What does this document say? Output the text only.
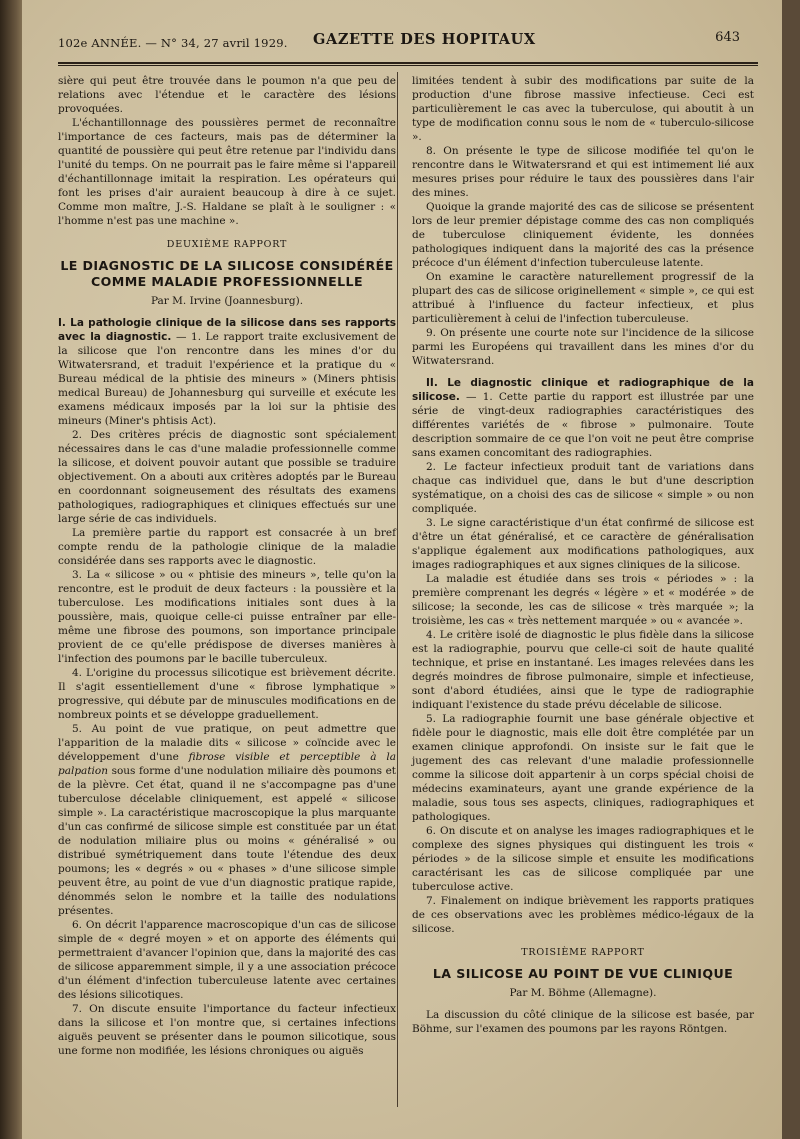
102e ANNÉE. — N° 34, 27 avril 1929. GAZETTE DES HOPITAUX	643

sière qui peut être trouvée dans le poumon n'a que peu de relations avec l'étendue et le caractère des lésions provoquées.

L'échantillonnage des poussières permet de reconnaître l'importance de ces facteurs, mais pas de déterminer la quantité de poussière qui peut être retenue par l'individu dans l'unité du temps. On ne pourrait pas le faire même si l'appareil d'échantillonnage imitait la respiration. Les opérateurs qui font les prises d'air auraient beaucoup à dire à ce sujet. Comme mon maître, J.-S. Haldane se plaît à le souligner : « l'homme n'est pas une machine ».

DEUXIÈME RAPPORT

LE DIAGNOSTIC DE LA SILICOSE CONSIDÉRÉE COMME MALADIE PROFESSIONNELLE

Par M. Irvine (Joannesburg).

I. La pathologie clinique de la silicose dans ses rapports avec la diagnostic. — 1. Le rapport traite exclusivement de la silicose que l'on rencontre dans les mines d'or du Witwatersrand, et traduit l'expérience et la pratique du « Bureau médical de la phtisie des mineurs » (Miners phtisis medical Bureau) de Johannesburg qui surveille et exécute les examens médicaux imposés par la loi sur la phtisie des mineurs (Miner's phtisis Act).

2. Des critères précis de diagnostic sont spécialement nécessaires dans le cas d'une maladie professionnelle comme la silicose, et doivent pouvoir autant que possible se traduire objectivement. On a abouti aux critères adoptés par le Bureau en coordonnant soigneusement des résultats des examens pathologiques, radiographiques et cliniques effectués sur une large série de cas individuels.

La première partie du rapport est consacrée à un bref compte rendu de la pathologie clinique de la maladie considérée dans ses rapports avec le diagnostic.

3. La « silicose » ou « phtisie des mineurs », telle qu'on la rencontre, est le produit de deux facteurs : la poussière et la tuberculose. Les modifications initiales sont dues à la poussière, mais, quoique celle-ci puisse entraîner par elle-même une fibrose des poumons, son importance principale provient de ce qu'elle prédispose de diverses manières à l'infection des poumons par le bacille tuberculeux.

4. L'origine du processus silicotique est brièvement décrite. Il s'agit essentiellement d'une « fibrose lymphatique » progressive, qui débute par de minuscules modifications en de nombreux points et se développe graduellement.

5. Au point de vue pratique, on peut admettre que l'apparition de la maladie dits « silicose » coïncide avec le développement d'une fibrose visible et perceptible à la palpation sous forme d'une nodulation miliaire dès poumons et de la plèvre. Cet état, quand il ne s'accompagne pas d'une tuberculose décelable cliniquement, est appelé « silicose simple ». La caractéristique macroscopique la plus marquante d'un cas confirmé de silicose simple est constituée par un état de nodulation miliaire plus ou moins « généralisé » ou distribué symétriquement dans toute l'étendue des deux poumons; les « degrés » ou « phases » d'une silicose simple peuvent être, au point de vue d'un diagnostic pratique rapide, dénommés selon le nombre et la taille des nodulations présentes.

6. On décrit l'apparence macroscopique d'un cas de silicose simple de « degré moyen » et on apporte des éléments qui permettraient d'avancer l'opinion que, dans la majorité des cas de silicose apparemment simple, il y a une association précoce d'un élément d'infection tuberculeuse latente avec certaines des lésions silicotiques.

7. On discute ensuite l'importance du facteur infectieux dans la silicose et l'on montre que, si certaines infections aiguës peuvent se présenter dans le poumon silicotique, sous une forme non modifiée, les lésions chroniques ou aiguës

limitées tendent à subir des modifications par suite de la production d'une fibrose massive infectieuse. Ceci est particulièrement le cas avec la tuberculose, qui aboutit à un type de modification connu sous le nom de « tuberculo-silicose ».

8. On présente le type de silicose modifiée tel qu'on le rencontre dans le Witwatersrand et qui est intimement lié aux mesures prises pour réduire le taux des poussières dans l'air des mines.

Quoique la grande majorité des cas de silicose se présentent lors de leur premier dépistage comme des cas non compliqués de tuberculose cliniquement évidente, les données pathologiques indiquent dans la majorité des cas la présence précoce d'un élément d'infection tuberculeuse latente.

On examine le caractère naturellement progressif de la plupart des cas de silicose originellement « simple », ce qui est attribué à l'influence du facteur infectieux, et plus particulièrement à celui de l'infection tuberculeuse.

9. On présente une courte note sur l'incidence de la silicose parmi les Européens qui travaillent dans les mines d'or du Witwatersrand.

II. Le diagnostic clinique et radiographique de la silicose. — 1. Cette partie du rapport est illustrée par une série de vingt-deux radiographies caractéristiques des différentes variétés de « fibrose » pulmonaire. Toute description sommaire de ce que l'on voit ne peut être comprise sans examen concomitant des radiographies.

2. Le facteur infectieux produit tant de variations dans chaque cas individuel que, dans le but d'une description systématique, on a choisi des cas de silicose « simple » ou non compliquée.

3. Le signe caractéristique d'un état confirmé de silicose est d'être un état généralisé, et ce caractère de généralisation s'applique également aux modifications pathologiques, aux images radiographiques et aux signes cliniques de la silicose.

La maladie est étudiée dans ses trois « périodes » : la première comprenant les degrés « légère » et « modérée » de silicose; la seconde, les cas de silicose « très marquée »; la troisième, les cas « très nettement marquée » ou « avancée ».

4. Le critère isolé de diagnostic le plus fidèle dans la silicose est la radiographie, pourvu que celle-ci soit de haute qualité technique, et prise en instantané. Les images relevées dans les degrés moindres de fibrose pulmonaire, simple et infectieuse, sont d'abord étudiées, ainsi que le type de radiographie indiquant l'existence du stade prévu décelable de silicose.

5. La radiographie fournit une base générale objective et fidèle pour le diagnostic, mais elle doit être complétée par un examen clinique approfondi. On insiste sur le fait que le jugement des cas relevant d'une maladie professionnelle comme la silicose doit appartenir à un corps spécial choisi de médecins examinateurs, ayant une grande expérience de la maladie, sous tous ses aspects, cliniques, radiographiques et pathologiques.

6. On discute et on analyse les images radiographiques et le complexe des signes physiques qui distinguent les trois « périodes » de la silicose simple et ensuite les modifications caractérisant les cas de silicose compliquée par une tuberculose active.

7. Finalement on indique brièvement les rapports pratiques de ces observations avec les problèmes médico-légaux de la silicose.

TROISIÈME RAPPORT

LA SILICOSE AU POINT DE VUE CLINIQUE

Par M. Böhme (Allemagne).

La discussion du côté clinique de la silicose est basée, par Böhme, sur l'examen des poumons par les rayons Röntgen.
